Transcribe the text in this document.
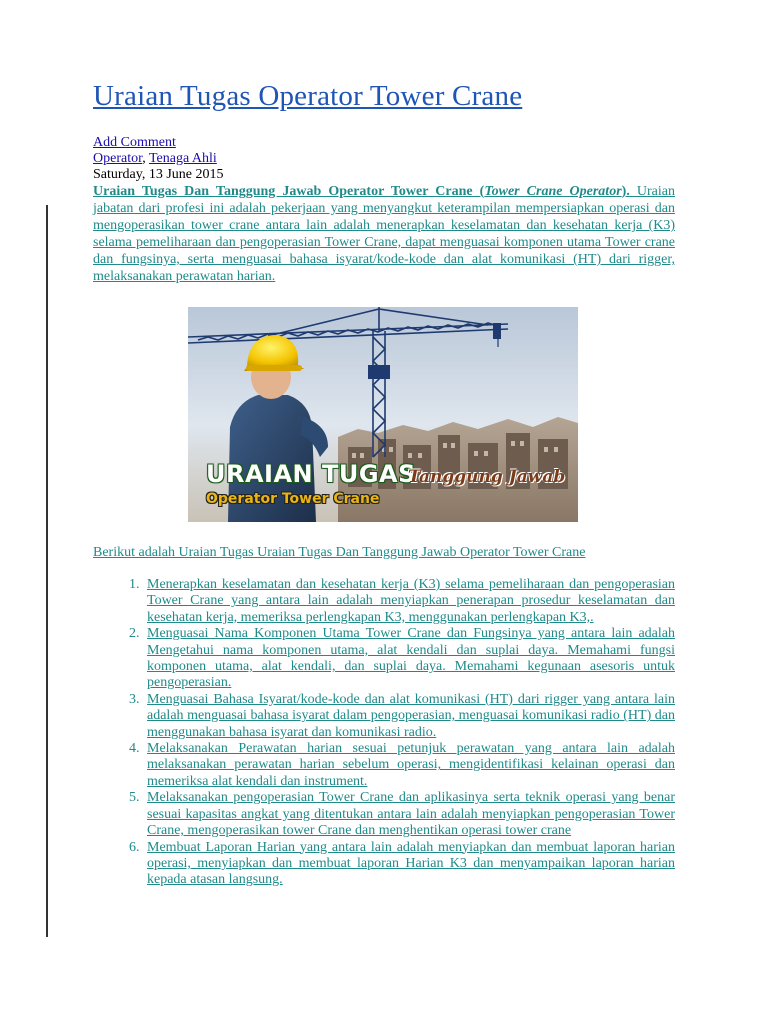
Uraian Tugas Operator Tower Crane
Add Comment
Operator, Tenaga Ahli
Saturday, 13 June 2015

Uraian Tugas Dan Tanggung Jawab Operator Tower Crane (Tower Crane Operator). Uraian jabatan dari profesi ini adalah pekerjaan yang menyangkut keterampilan mempersiapkan operasi dan mengoperasikan tower crane antara lain adalah menerapkan keselamatan dan kesehatan kerja (K3) selama pemeliharaan dan pengoperasian Tower Crane, dapat menguasai komponen utama Tower crane dan fungsinya, serta menguasai bahasa isyarat/kode-kode dan alat komunikasi (HT) dari rigger, melaksanakan perawatan harian.

URAIAN TUGAS
Tanggung Jawab
Operator Tower Crane
Berikut adalah Uraian Tugas Uraian Tugas Dan Tanggung Jawab Operator Tower Crane
1. Menerapkan keselamatan dan kesehatan kerja (K3) selama pemeliharaan dan pengoperasian Tower Crane yang antara lain adalah menyiapkan penerapan prosedur keselamatan dan kesehatan kerja, memeriksa perlengkapan K3, menggunakan perlengkapan K3,.
2. Menguasai Nama Komponen Utama Tower Crane dan Fungsinya yang antara lain adalah Mengetahui nama komponen utama, alat kendali dan suplai daya. Memahami fungsi komponen utama, alat kendali, dan suplai daya. Memahami kegunaan asesoris untuk pengoperasian.
3. Menguasai Bahasa Isyarat/kode-kode dan alat komunikasi (HT) dari rigger yang antara lain adalah menguasai bahasa isyarat dalam pengoperasian, menguasai komunikasi radio (HT) dan menggunakan bahasa isyarat dan komunikasi radio.
4. Melaksanakan Perawatan harian sesuai petunjuk perawatan yang antara lain adalah melaksanakan perawatan harian sebelum operasi, mengidentifikasi kelainan operasi dan memeriksa alat kendali dan instrument.
5. Melaksanakan pengoperasian Tower Crane dan aplikasinya serta teknik operasi yang benar sesuai kapasitas angkat yang ditentukan antara lain adalah menyiapkan pengoperasian Tower Crane, mengoperasikan tower Crane dan menghentikan operasi tower crane
6. Membuat Laporan Harian yang antara lain adalah menyiapkan dan membuat laporan harian operasi, menyiapkan dan membuat laporan Harian K3 dan menyampaikan laporan harian kepada atasan langsung.
